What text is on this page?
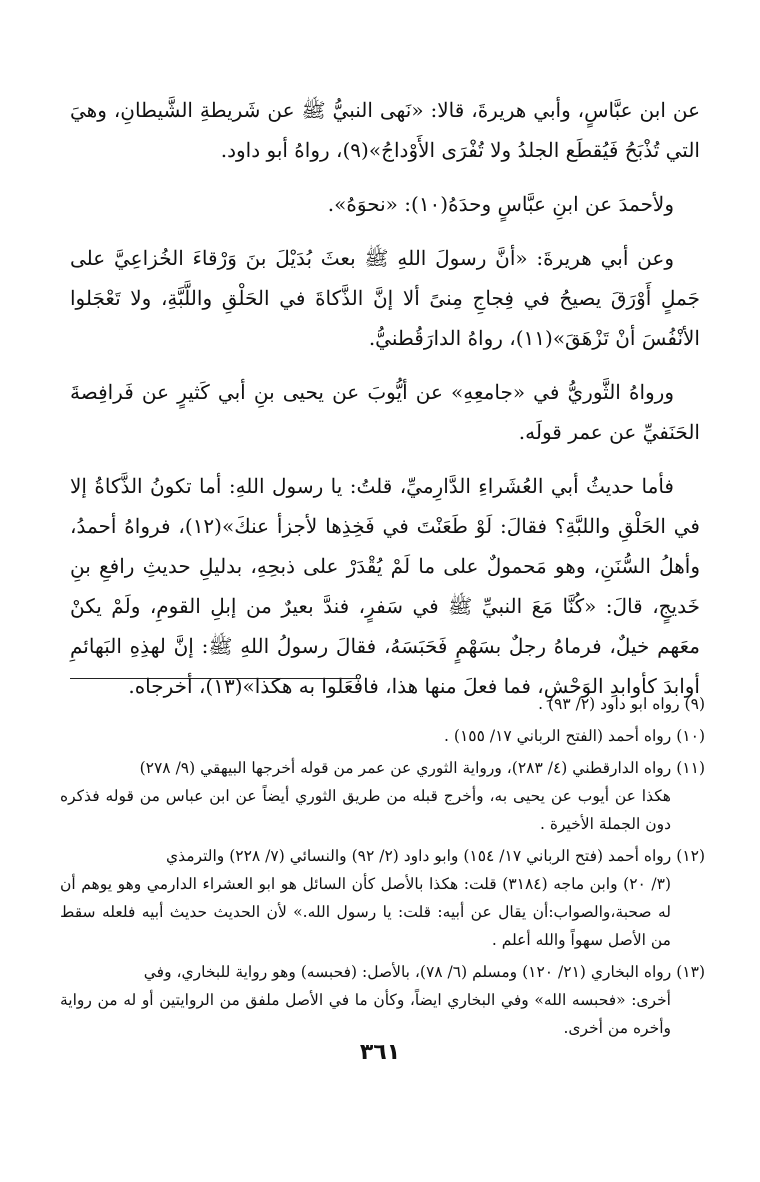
عن ابن عبَّاسٍ، وأبي هريرةَ، قالا: «نَهى النبيُّ ﷺ عن شَريطةِ الشَّيطانِ، وهيَ التي تُذْبَحُ فَيُقطَع الجلدُ ولا تُفْرَى الأَوْداجُ»(٩)، رواهُ أبو داود.

ولأحمدَ عن ابنِ عبَّاسٍ وحدَهُ(١٠): «نحوَهُ».

وعن أبي هريرةَ: «أنَّ رسولَ اللهِ ﷺ بعثَ بُدَيْلَ بنَ وَرْقاءَ الخُزاعِيَّ على جَملٍ أَوْرَقَ يصيحُ في فِجاجِ مِنىً ألا إنَّ الذَّكاةَ في الحَلْقِ واللَّبَّةِ، ولا تَعْجَلوا الأنْفُسَ أنْ تَزْهَقَ»(١١)، رواهُ الدارَقُطنيُّ.

ورواهُ الثَّوريُّ في «جامعِهِ» عن أيُّوبَ عن يحيى بنِ أبي كَثيرٍ عن فَرافِصةَ الحَنَفيِّ عن عمر قولَه.

فأما حديثُ أبي العُشَراءِ الدَّارِميِّ، قلتُ: يا رسول اللهِ: أما تكونُ الذَّكاةُ إلا في الحَلْقِ واللبَّةِ؟ فقالَ: لَوْ طَعَنْتَ في فَخِذِها لأجزأ عنكَ»(١٢)، فرواهُ أحمدُ، وأهلُ السُّنَنِ، وهو مَحمولٌ على ما لَمْ يُقْدَرْ على ذبحِهِ، بدليلِ حديثِ رافعِ بنِ خَديجٍ، قالَ: «كُنَّا مَعَ النبيِّ ﷺ في سَفرٍ، فندَّ بعيرٌ من إبلِ القومِ، ولَمْ يكنْ معَهم خيلٌ، فرماهُ رجلٌ بسَهْمٍ فَحَبَسَهُ، فقالَ رسولُ اللهِ ﷺ: إنَّ لهذِهِ البَهائمِ أوابدَ كأوابدِ الوَحْشِ، فما فعلَ منها هذا، فافْعَلوا به هكذا»(١٣)، أخرجاه.

(٩) رواه ابو داود (٢/ ٩٣) .
(١٠) رواه أحمد (الفتح الرباني ١٧/ ١٥٥) .
(١١) رواه الدارقطني (٤/ ٢٨٣)، ورواية الثوري عن عمر من قوله أخرجها البيهقي (٩/ ٢٧٨)
هكذا عن أيوب عن يحيى به، وأخرج قبله من طريق الثوري أيضاً عن ابن عباس من قوله فذكره دون الجملة الأخيرة .
(١٢) رواه أحمد (فتح الرباني ١٧/ ١٥٤) وابو داود (٢/ ٩٢) والنسائي (٧/ ٢٢٨) والترمذي
(٣/ ٢٠) وابن ماجه (٣١٨٤) قلت: هكذا بالأصل كأن السائل هو ابو العشراء الدارمي وهو يوهم أن له صحبة،والصواب:أن يقال عن أبيه: قلت: يا رسول الله.» لأن الحديث حديث أبيه فلعله سقط من الأصل سهواً والله أعلم .
(١٣) رواه البخاري (٢١/ ١٢٠) ومسلم (٦/ ٧٨)، بالأصل: (فحبسه) وهو رواية للبخاري، وفي
أخرى: «فحبسه الله» وفي البخاري ايضاً، وكأن ما في الأصل ملفق من الروايتين أو له من رواية وأخره من أخرى.
٣٦١
